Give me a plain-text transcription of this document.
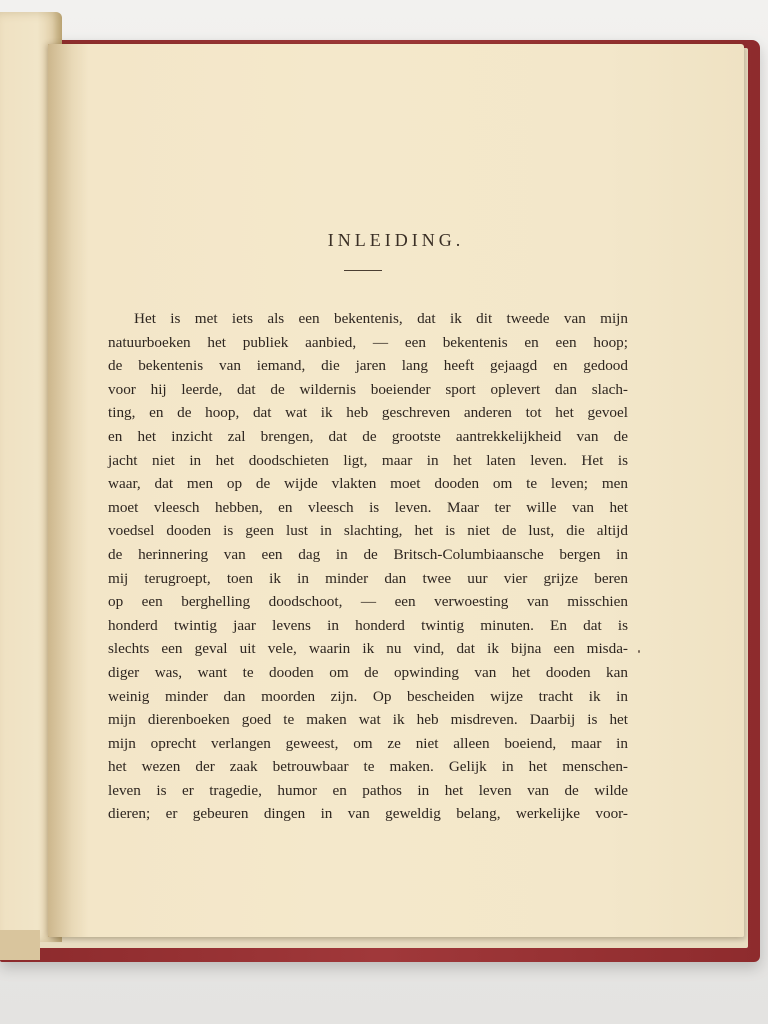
INLEIDING.
Het is met iets als een bekentenis, dat ik dit tweede van mijn
natuurboeken het publiek aanbied, — een bekentenis en een hoop;
de bekentenis van iemand, die jaren lang heeft gejaagd en gedood
voor hij leerde, dat de wildernis boeiender sport oplevert dan slach-
ting, en de hoop, dat wat ik heb geschreven anderen tot het gevoel
en het inzicht zal brengen, dat de grootste aantrekkelijkheid van de
jacht niet in het doodschieten ligt, maar in het laten leven. Het is
waar, dat men op de wijde vlakten moet dooden om te leven; men
moet vleesch hebben, en vleesch is leven. Maar ter wille van het
voedsel dooden is geen lust in slachting, het is niet de lust, die altijd
de herinnering van een dag in de Britsch-Columbiaansche bergen in
mij terugroept, toen ik in minder dan twee uur vier grijze beren
op een berghelling doodschoot, — een verwoesting van misschien
honderd twintig jaar levens in honderd twintig minuten. En dat is
slechts een geval uit vele, waarin ik nu vind, dat ik bijna een misda-
diger was, want te dooden om de opwinding van het dooden kan
weinig minder dan moorden zijn. Op bescheiden wijze tracht ik in
mijn dierenboeken goed te maken wat ik heb misdreven. Daarbij is het
mijn oprecht verlangen geweest, om ze niet alleen boeiend, maar in
het wezen der zaak betrouwbaar te maken. Gelijk in het menschen-
leven is er tragedie, humor en pathos in het leven van de wilde
dieren; er gebeuren dingen in van geweldig belang, werkelijke voor-
